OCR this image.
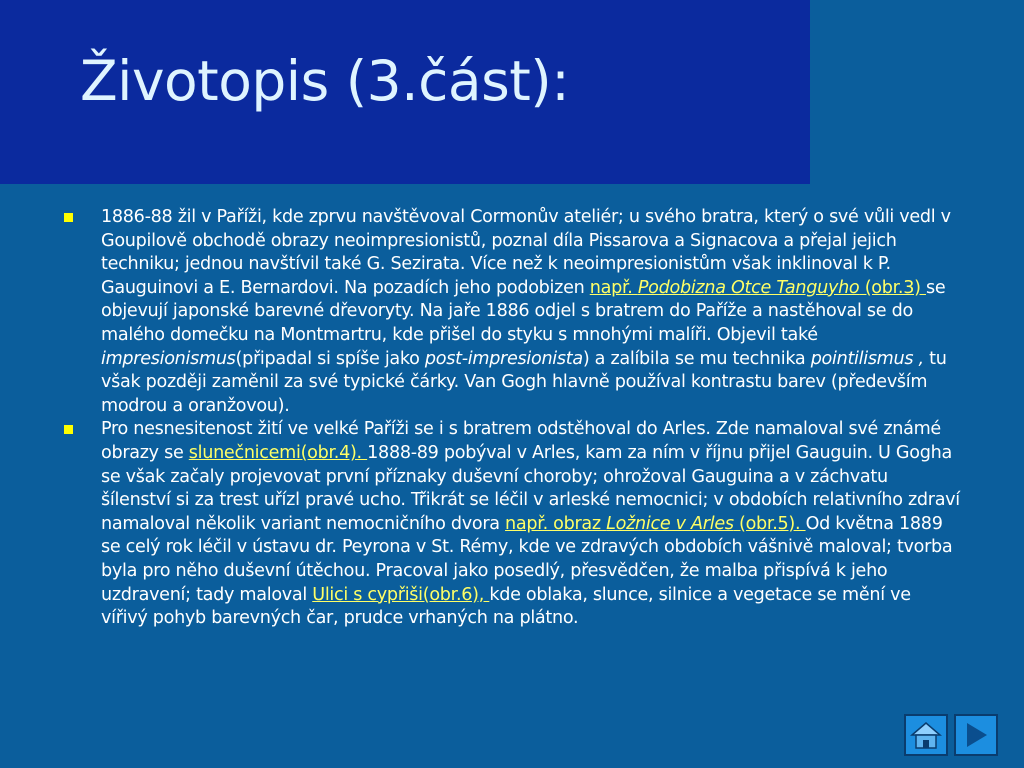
Životopis (3.část):
1886-88 žil v Paříži, kde zprvu navštěvoval Cormonův ateliér; u svého bratra, který o své vůli vedl v Goupilově obchodě obrazy neoimpresionistů, poznal díla Pissarova a Signacova a přejal jejich techniku; jednou navštívil také G. Sezirata. Více než k neoimpresionistům však inklinoval k P. Gauguinovi a E. Bernardovi. Na pozadích jeho podobizen např. Podobizna Otce Tanguyho (obr.3) se objevují japonské barevné dřevoryty. Na jaře 1886 odjel s bratrem do Paříže a nastěhoval se do malého domečku na Montmartru, kde přišel do styku s mnohými malíři. Objevil také impresionismus(připadal si spíše jako post-impresionista) a zalíbila se mu technika pointilismus , tu však později zaměnil za své typické čárky. Van Gogh hlavně používal kontrastu barev (především modrou a oranžovou).
Pro nesnesitenost žití ve velké Paříži se i s bratrem odstěhoval do Arles. Zde namaloval své známé obrazy se slunečnicemi(obr.4). 1888-89 pobýval v Arles, kam za ním v říjnu přijel Gauguin. U Gogha se však začaly projevovat první příznaky duševní choroby; ohrožoval Gauguina a v záchvatu šílenství si za trest uřízl pravé ucho. Třikrát se léčil v arleské nemocnici; v obdobích relativního zdraví namaloval několik variant nemocničního dvora např. obraz Ložnice v Arles (obr.5). Od května 1889 se celý rok léčil v ústavu dr. Peyrona v St. Rémy, kde ve zdravých obdobích vášnivě maloval; tvorba byla pro něho duševní útěchou. Pracoval jako posedlý, přesvědčen, že malba přispívá k jeho uzdravení; tady maloval Ulici s cypřiši(obr.6), kde oblaka, slunce, silnice a vegetace se mění ve vířivý pohyb barevných čar, prudce vrhaných na plátno.
